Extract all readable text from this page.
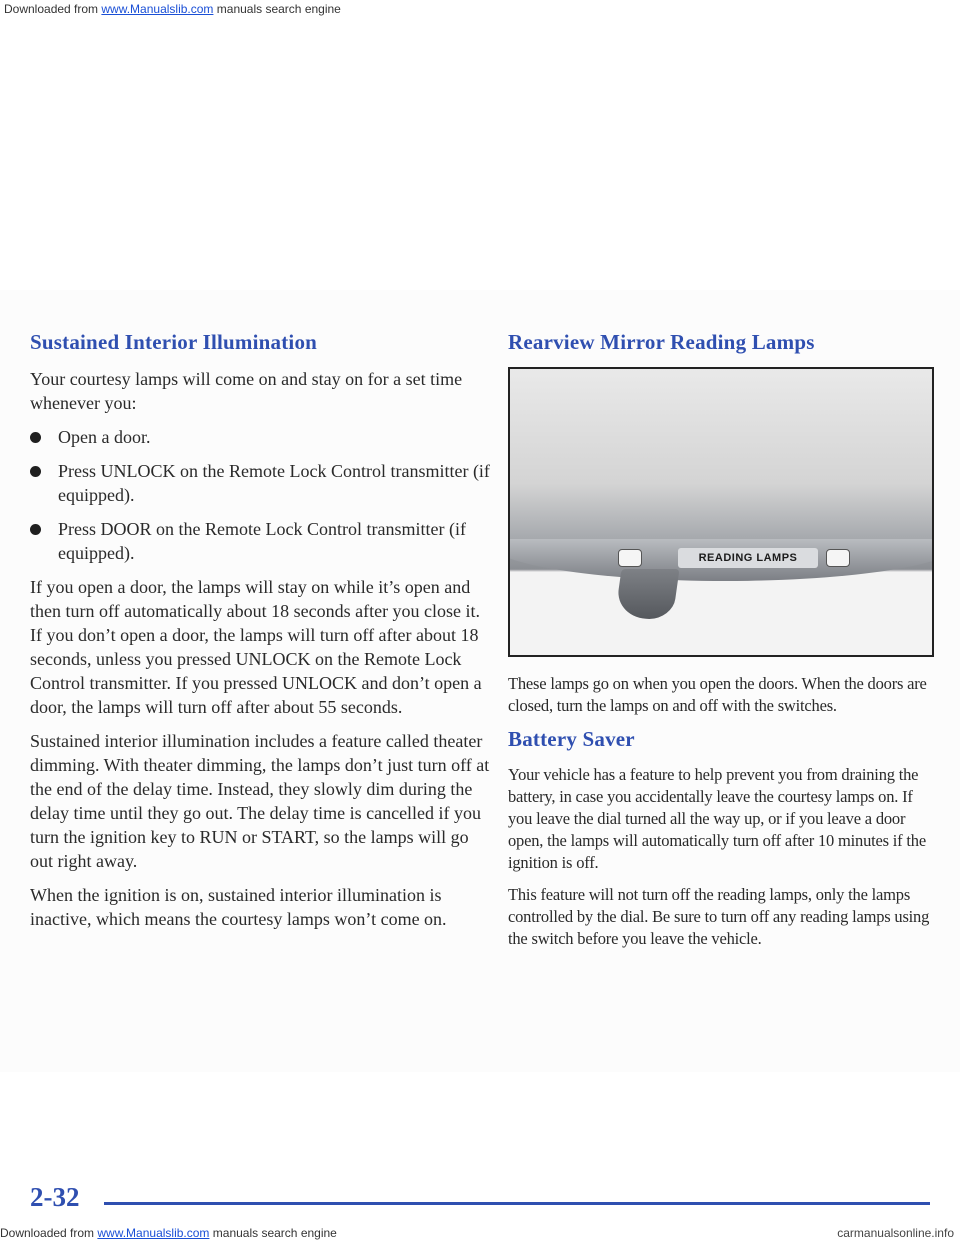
Downloaded from www.Manualslib.com manuals search engine
Sustained Interior Illumination

Your courtesy lamps will come on and stay on for a set time whenever you:

Open a door.
Press UNLOCK on the Remote Lock Control transmitter (if equipped).
Press DOOR on the Remote Lock Control transmitter (if equipped).

If you open a door, the lamps will stay on while it’s open and then turn off automatically about 18 seconds after you close it. If you don’t open a door, the lamps will turn off after about 18 seconds, unless you pressed UNLOCK on the Remote Lock Control transmitter. If you pressed UNLOCK and don’t open a door, the lamps will turn off after about 55 seconds.

Sustained interior illumination includes a feature called theater dimming. With theater dimming, the lamps don’t just turn off at the end of the delay time. Instead, they slowly dim during the delay time until they go out. The delay time is cancelled if you turn the ignition key to RUN or START, so the lamps will go out right away.

When the ignition is on, sustained interior illumination is inactive, which means the courtesy lamps won’t come on.

Rearview Mirror Reading Lamps
READING LAMPS

These lamps go on when you open the doors. When the doors are closed, turn the lamps on and off with the switches.

Battery Saver

Your vehicle has a feature to help prevent you from draining the battery, in case you accidentally leave the courtesy lamps on. If you leave the dial turned all the way up, or if you leave a door open, the lamps will automatically turn off after 10 minutes if the ignition is off.

This feature will not turn off the reading lamps, only the lamps controlled by the dial. Be sure to turn off any reading lamps using the switch before you leave the vehicle.

2-32
Downloaded from www.Manualslib.com manuals search engine	carmanualsonline.info
